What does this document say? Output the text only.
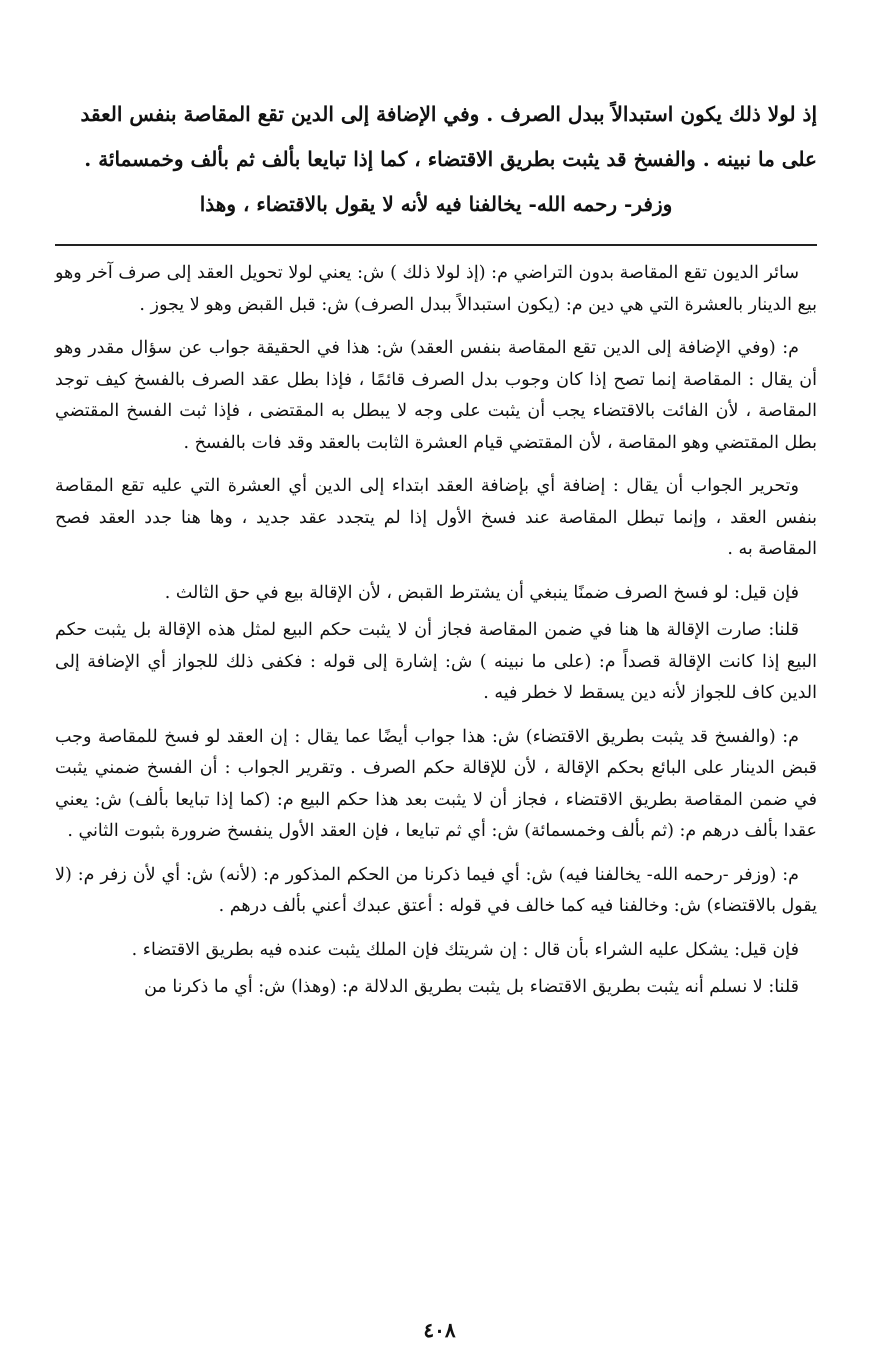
إذ لولا ذلك يكون استبدالاً ببدل الصرف . وفي الإضافة إلى الدين تقع المقاصة بنفس العقد

على ما نبينه . والفسخ قد يثبت بطريق الاقتضاء ، كما إذا تبايعا بألف ثم بألف وخمسمائة .

وزفر- رحمه الله- يخالفنا فيه لأنه لا يقول بالاقتضاء ، وهذا

سائر الديون تقع المقاصة بدون التراضي م: (إذ لولا ذلك ) ش: يعني لولا تحويل العقد إلى صرف آخر وهو بيع الدينار بالعشرة التي هي دين م: (يكون استبدالاً ببدل الصرف) ش: قبل القبض وهو لا يجوز .

م: (وفي الإضافة إلى الدين تقع المقاصة بنفس العقد) ش: هذا في الحقيقة جواب عن سؤال مقدر وهو أن يقال : المقاصة إنما تصح إذا كان وجوب بدل الصرف قائمًا ، فإذا بطل عقد الصرف بالفسخ كيف توجد المقاصة ، لأن الفائت بالاقتضاء يجب أن يثبت على وجه لا يبطل به المقتضى ، فإذا ثبت الفسخ المقتضي بطل المقتضي وهو المقاصة ، لأن المقتضي قيام العشرة الثابت بالعقد وقد فات بالفسخ .

وتحرير الجواب أن يقال : إضافة أي بإضافة العقد ابتداء إلى الدين أي العشرة التي عليه تقع المقاصة بنفس العقد ، وإنما تبطل المقاصة عند فسخ الأول إذا لم يتجدد عقد جديد ، وها هنا جدد العقد فصح المقاصة به .

فإن قيل: لو فسخ الصرف ضمنًا ينبغي أن يشترط القبض ، لأن الإقالة بيع في حق الثالث .

قلنا: صارت الإقالة ها هنا في ضمن المقاصة فجاز أن لا يثبت حكم البيع لمثل هذه الإقالة بل يثبت حكم البيع إذا كانت الإقالة قصداً م: (على ما نبينه ) ش: إشارة إلى قوله : فكفى ذلك للجواز أي الإضافة إلى الدين كاف للجواز لأنه دين يسقط لا خطر فيه .

م: (والفسخ قد يثبت بطريق الاقتضاء) ش: هذا جواب أيضًا عما يقال : إن العقد لو فسخ للمقاصة وجب قبض الدينار على البائع بحكم الإقالة ، لأن للإقالة حكم الصرف . وتقرير الجواب : أن الفسخ ضمني يثبت في ضمن المقاصة بطريق الاقتضاء ، فجاز أن لا يثبت بعد هذا حكم البيع م: (كما إذا تبايعا بألف) ش: يعني عقدا بألف درهم م: (ثم بألف وخمسمائة) ش: أي ثم تبايعا ، فإن العقد الأول ينفسخ ضرورة بثبوت الثاني .

م: (وزفر -رحمه الله- يخالفنا فيه) ش: أي فيما ذكرنا من الحكم المذكور م: (لأنه) ش: أي لأن زفر م: (لا يقول بالاقتضاء) ش: وخالفنا فيه كما خالف في قوله : أعتق عبدك أعني بألف درهم .

فإن قيل: يشكل عليه الشراء بأن قال : إن شريتك فإن الملك يثبت عنده فيه بطريق الاقتضاء .

قلنا: لا نسلم أنه يثبت بطريق الاقتضاء بل يثبت بطريق الدلالة م: (وهذا) ش: أي ما ذكرنا من

٤٠٨
